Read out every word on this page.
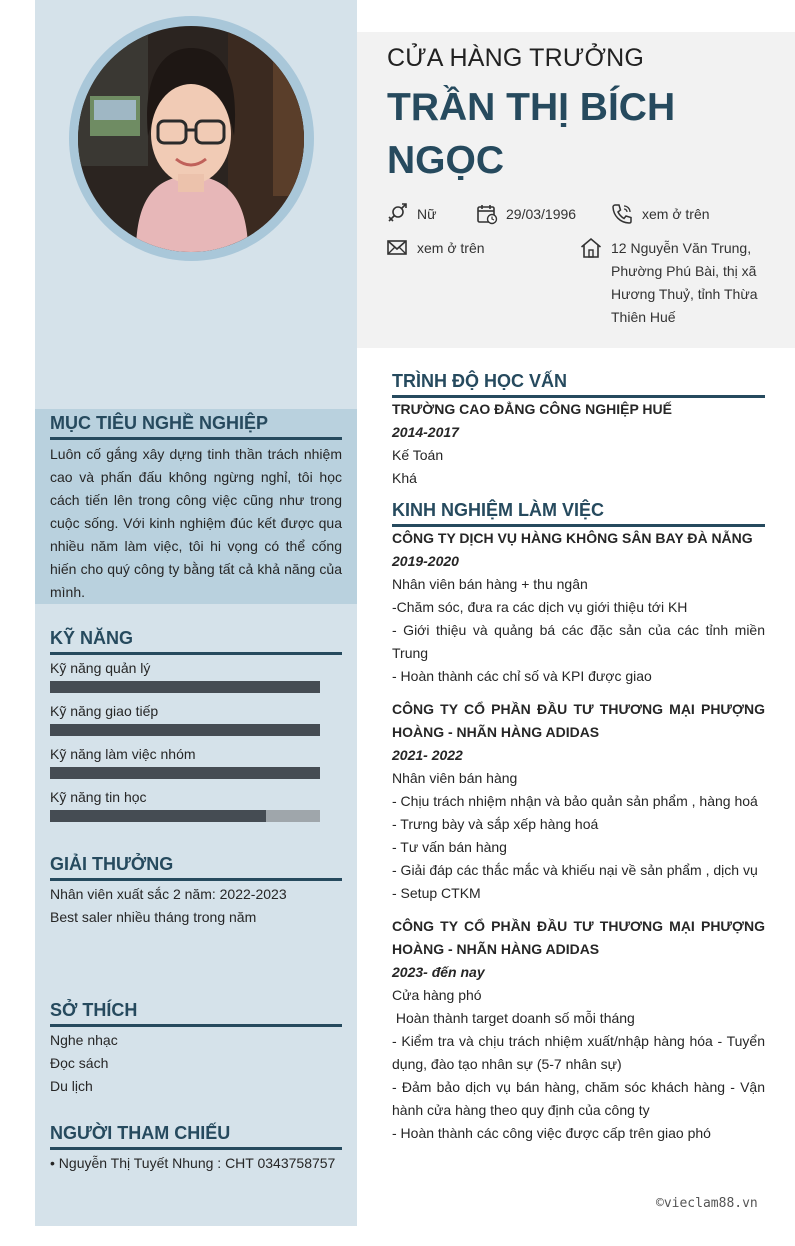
CỬA HÀNG TRƯỞNG
TRẦN THỊ BÍCH
NGỌC
Nữ	29/03/1996	xem ở trên
xem ở trên	12 Nguyễn Văn Trung, Phường Phú Bài, thị xã Hương Thuỷ, tỉnh Thừa Thiên Huế
MỤC TIÊU NGHỀ NGHIỆP
Luôn cố gắng xây dựng tinh thần trách nhiệm cao và phấn đấu không ngừng nghỉ, tôi học cách tiến lên trong công việc cũng như trong cuộc sống. Với kinh nghiệm đúc kết được qua nhiều năm làm việc, tôi hi vọng có thể cống hiến cho quý công ty bằng tất cả khả năng của mình.
KỸ NĂNG
Kỹ năng quản lý
Kỹ năng giao tiếp
Kỹ năng làm việc nhóm
Kỹ năng tin học
GIẢI THƯỞNG
Nhân viên xuất sắc 2 năm: 2022-2023
Best saler nhiều tháng trong năm
SỞ THÍCH
Nghe nhạc
Đọc sách
Du lịch
NGƯỜI THAM CHIẾU
• Nguyễn Thị Tuyết Nhung : CHT 0343758757
TRÌNH ĐỘ HỌC VẤN
TRƯỜNG CAO ĐẲNG CÔNG NGHIỆP HUẾ
2014-2017
Kế Toán
Khá
KINH NGHIỆM LÀM VIỆC
CÔNG TY DỊCH VỤ HÀNG KHÔNG SÂN BAY ĐÀ NẴNG
2019-2020
Nhân viên bán hàng + thu ngân
-Chăm sóc, đưa ra các dịch vụ giới thiệu tới KH
- Giới thiệu và quảng bá các đặc sản của các tỉnh miền Trung
- Hoàn thành các chỉ số và KPI được giao
CÔNG TY CỔ PHẦN ĐẦU TƯ THƯƠNG MẠI PHƯỢNG HOÀNG - NHÃN HÀNG ADIDAS
2021- 2022
Nhân viên bán hàng
- Chịu trách nhiệm nhận và bảo quản sản phẩm , hàng hoá
- Trưng bày và sắp xếp hàng hoá
- Tư vấn bán hàng
- Giải đáp các thắc mắc và khiếu nại về sản phẩm , dịch vụ
- Setup CTKM
CÔNG TY CỔ PHẦN ĐẦU TƯ THƯƠNG MẠI PHƯỢNG HOÀNG - NHÃN HÀNG ADIDAS
2023- đến nay
Cửa hàng phó
Hoàn thành target doanh số mỗi tháng
- Kiểm tra và chịu trách nhiệm xuất/nhập hàng hóa - Tuyển dụng, đào tạo nhân sự (5-7 nhân sự)
- Đảm bảo dịch vụ bán hàng, chăm sóc khách hàng - Vận hành cửa hàng theo quy định của công ty
- Hoàn thành các công việc được cấp trên giao phó
©vieclam88.vn
